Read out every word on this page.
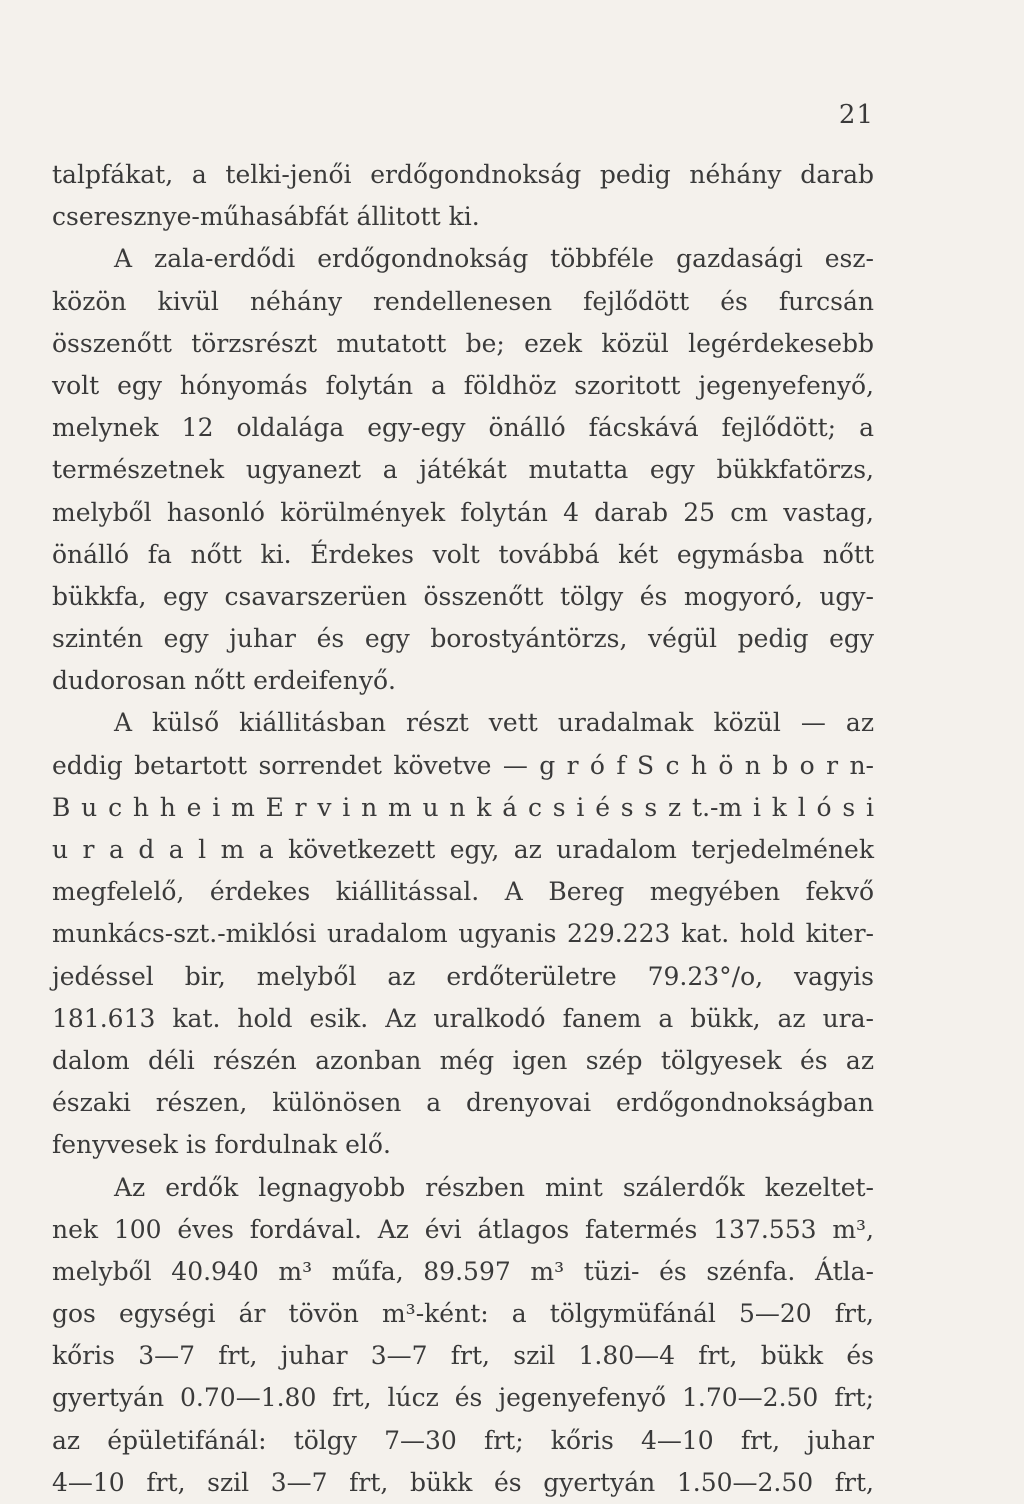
21
talpfákat, a telki-jenői erdőgondnokság pedig néhány darab
cseresznye-műhasábfát állitott ki.
A zala-erdődi erdőgondnokság többféle gazdasági esz-
közön kivül néhány rendellenesen fejlődött és furcsán
összenőtt törzsrészt mutatott be; ezek közül legérdekesebb
volt egy hónyomás folytán a földhöz szoritott jegenyefenyő,
melynek 12 oldalága egy-egy önálló fácskává fejlődött; a
természetnek ugyanezt a játékát mutatta egy bükkfatörzs,
melyből hasonló körülmények folytán 4 darab 25 cm vastag,
önálló fa nőtt ki. Érdekes volt továbbá két egymásba nőtt
bükkfa, egy csavarszerüen összenőtt tölgy és mogyoró, ugy-
szintén egy juhar és egy borostyántörzs, végül pedig egy
dudorosan nőtt erdeifenyő.
A külső kiállitásban részt vett uradalmak közül — az
eddig betartott sorrendet követve — g r ó f S c h ö n b o r n-
B u c h h e i m E r v i n m u n k á c s i é s s z t.-m i k l ó s i
u r a d a l m a következett egy, az uradalom terjedelmének
megfelelő, érdekes kiállitással. A Bereg megyében fekvő
munkács-szt.-miklósi uradalom ugyanis 229.223 kat. hold kiter-
jedéssel bir, melyből az erdőterületre 79.23°/o, vagyis
181.613 kat. hold esik. Az uralkodó fanem a bükk, az ura-
dalom déli részén azonban még igen szép tölgyesek és az
északi részen, különösen a drenyovai erdőgondnokságban
fenyvesek is fordulnak elő.
Az erdők legnagyobb részben mint szálerdők kezeltet-
nek 100 éves fordával. Az évi átlagos fatermés 137.553 m³,
melyből 40.940 m³ műfa, 89.597 m³ tüzi- és szénfa. Átla-
gos egységi ár tövön m³-ként: a tölgymüfánál 5—20 frt,
kőris 3—7 frt, juhar 3—7 frt, szil 1.80—4 frt, bükk és
gyertyán 0.70—1.80 frt, lúcz és jegenyefenyő 1.70—2.50 frt;
az épületifánál: tölgy 7—30 frt; kőris 4—10 frt, juhar
4—10 frt, szil 3—7 frt, bükk és gyertyán 1.50—2.50 frt,
